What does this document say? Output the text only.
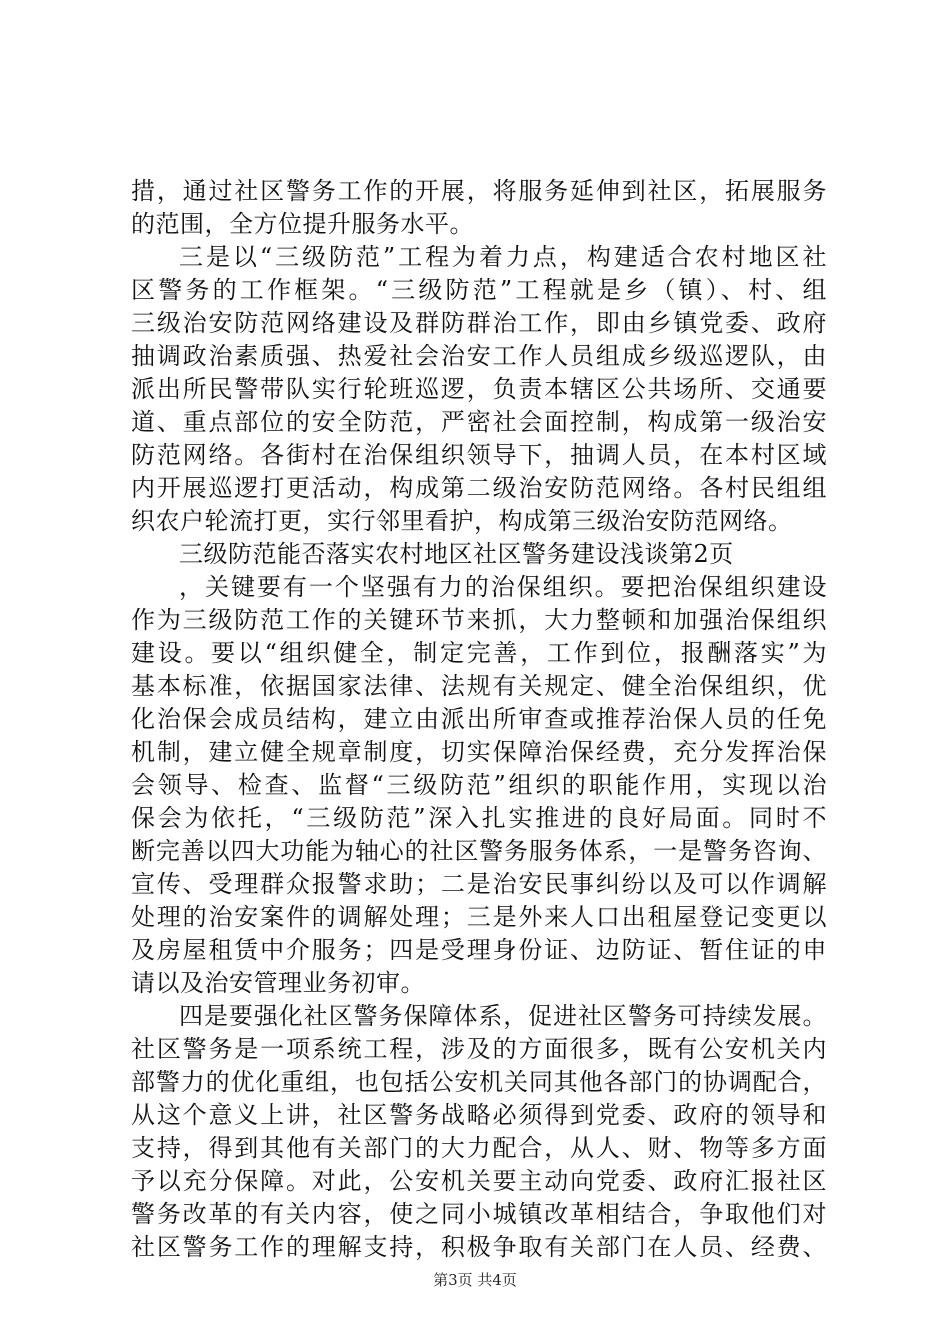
措，通过社区警务工作的开展，将服务延伸到社区，拓展服务
的范围，全方位提升服务水平。
三是以“三级防范”工程为着力点，构建适合农村地区社
区警务的工作框架。“三级防范”工程就是乡（镇）、村、组
三级治安防范网络建设及群防群治工作，即由乡镇党委、政府
抽调政治素质强、热爱社会治安工作人员组成乡级巡逻队，由
派出所民警带队实行轮班巡逻，负责本辖区公共场所、交通要
道、重点部位的安全防范，严密社会面控制，构成第一级治安
防范网络。各街村在治保组织领导下，抽调人员，在本村区域
内开展巡逻打更活动，构成第二级治安防范网络。各村民组组
织农户轮流打更，实行邻里看护，构成第三级治安防范网络。
三级防范能否落实农村地区社区警务建设浅谈第2页
，关键要有一个坚强有力的治保组织。要把治保组织建设
作为三级防范工作的关键环节来抓，大力整顿和加强治保组织
建设。要以“组织健全，制定完善，工作到位，报酬落实”为
基本标准，依据国家法律、法规有关规定、健全治保组织，优
化治保会成员结构，建立由派出所审查或推荐治保人员的任免
机制，建立健全规章制度，切实保障治保经费，充分发挥治保
会领导、检查、监督“三级防范”组织的职能作用，实现以治
保会为依托，“三级防范”深入扎实推进的良好局面。同时不
断完善以四大功能为轴心的社区警务服务体系，一是警务咨询、
宣传、受理群众报警求助；二是治安民事纠纷以及可以作调解
处理的治安案件的调解处理；三是外来人口出租屋登记变更以
及房屋租赁中介服务；四是受理身份证、边防证、暂住证的申
请以及治安管理业务初审。
四是要强化社区警务保障体系，促进社区警务可持续发展。
社区警务是一项系统工程，涉及的方面很多，既有公安机关内
部警力的优化重组，也包括公安机关同其他各部门的协调配合，
从这个意义上讲，社区警务战略必须得到党委、政府的领导和
支持，得到其他有关部门的大力配合，从人、财、物等多方面
予以充分保障。对此，公安机关要主动向党委、政府汇报社区
警务改革的有关内容，使之同小城镇改革相结合，争取他们对
社区警务工作的理解支持，积极争取有关部门在人员、经费、
第3页 共4页
